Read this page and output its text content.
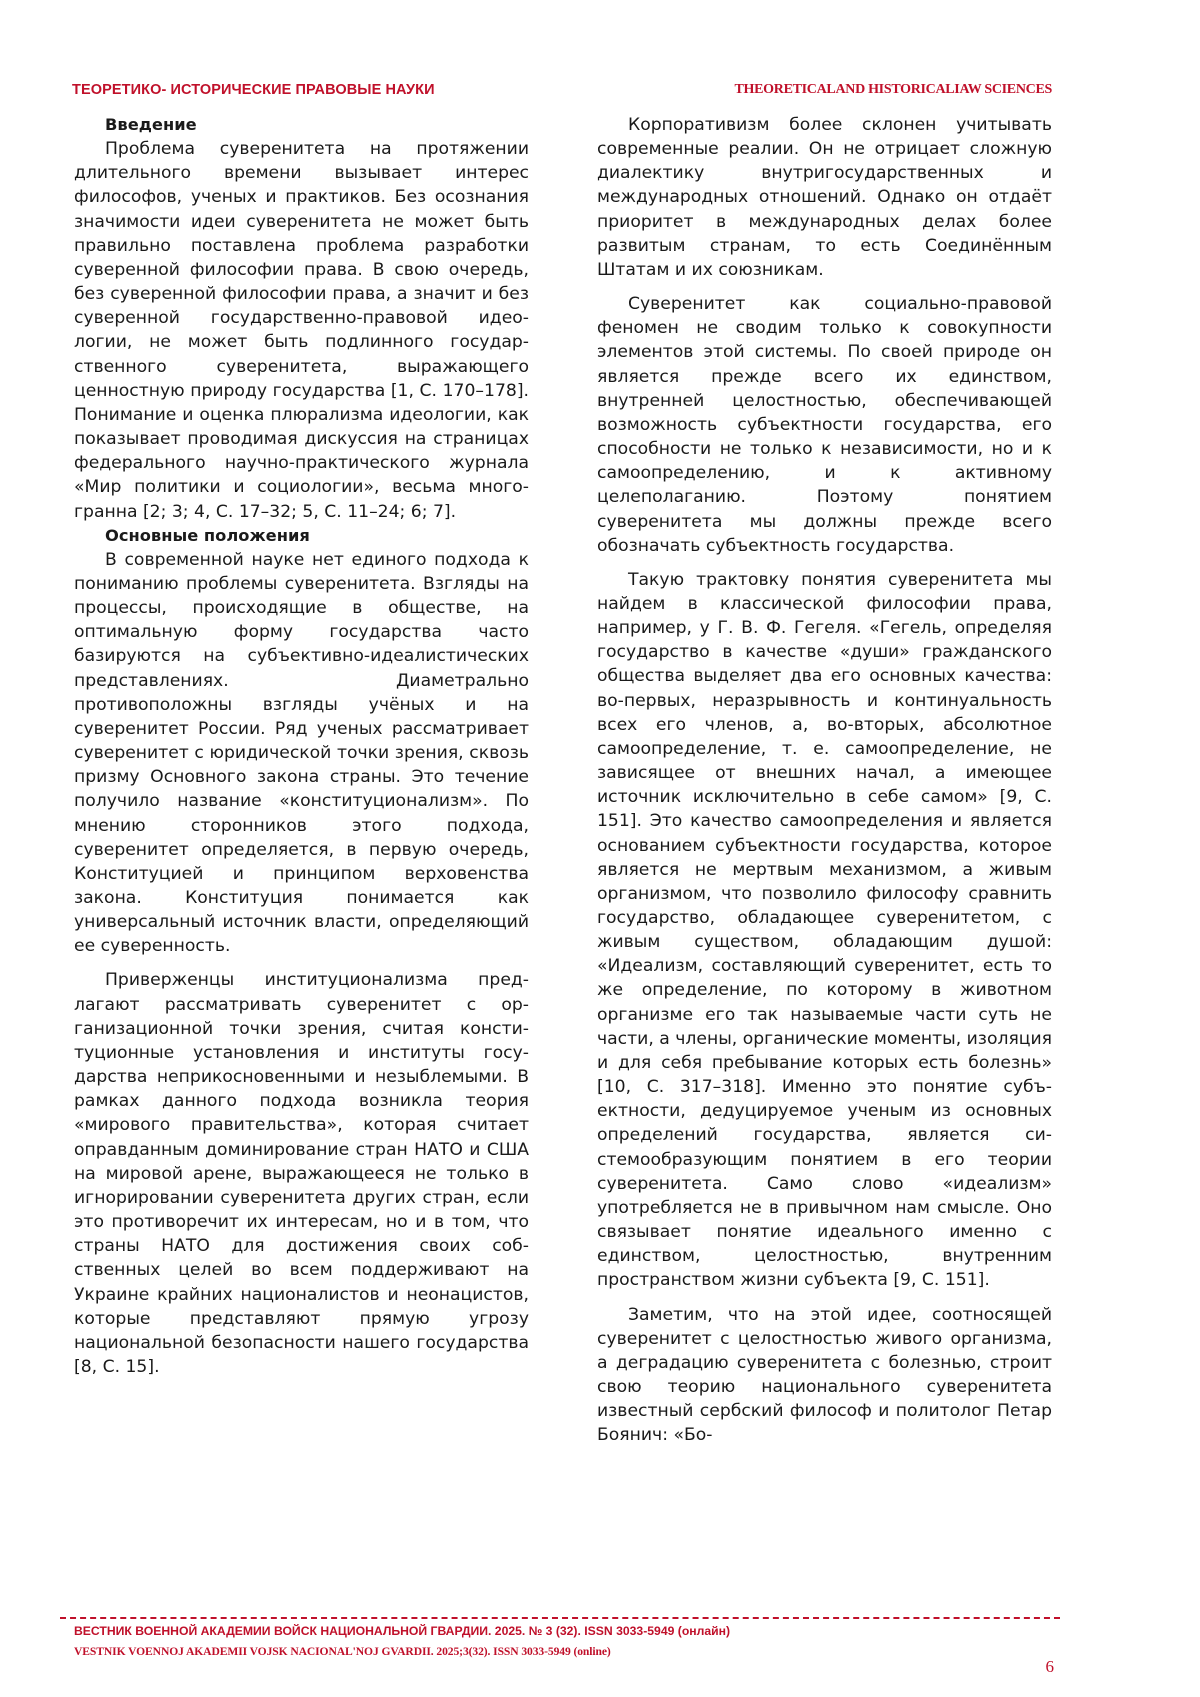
ТЕОРЕТИКО- ИСТОРИЧЕСКИЕ ПРАВОВЫЕ НАУКИ	THEORETICALAND HISTORICALIAW SCIENCES
Введение

Проблема суверенитета на протяжении длительного времени вызывает интерес философов, ученых и практиков. Без осознания значимости идеи суверенитета не может быть правильно поставлена проблема разработки суверенной философии права. В свою очередь, без суверенной философии права, а значит и без суверенной государственно-правовой идеологии, не может быть подлинного государственного суверенитета, выражающего ценностную природу государства [1, С. 170–178]. Понимание и оценка плюрализма идеологии, как показывает проводимая дискуссия на страницах федерального научно-практического журнала «Мир политики и социологии», весьма многогранна [2; 3; 4, С. 17–32; 5, С. 11–24; 6; 7].

Основные положения

В современной науке нет единого подхода к пониманию проблемы суверенитета. Взгляды на процессы, происходящие в обществе, на оптимальную форму государства часто базируются на субъективно-идеалистических представлениях. Диаметрально противоположны взгляды учёных и на суверенитет России. Ряд ученых рассматривает суверенитет с юридической точки зрения, сквозь призму Основного закона страны. Это течение получило название «конституционализм». По мнению сторонников этого подхода, суверенитет определяется, в первую очередь, Конституцией и принципом верховенства закона. Конституция понимается как универсальный источник власти, определяющий ее суверенность.

Приверженцы институционализма предлагают рассматривать суверенитет с организационной точки зрения, считая конституционные установления и институты государства неприкосновенными и незыблемыми. В рамках данного подхода возникла теория «мирового правительства», которая считает оправданным доминирование стран НАТО и США на мировой арене, выражающееся не только в игнорировании суверенитета других стран, если это противоречит их интересам, но и в том, что страны НАТО для достижения своих собственных целей во всем поддерживают на Украине крайних националистов и неонацистов, которые представляют прямую угрозу национальной безопасности нашего государства [8, С. 15].

Корпоративизм более склонен учитывать современные реалии. Он не отрицает сложную диалектику внутригосударственных и международных отношений. Однако он отдаёт приоритет в международных делах более развитым странам, то есть Соединённым Штатам и их союзникам.

Суверенитет как социально-правовой феномен не сводим только к совокупности элементов этой системы. По своей природе он является прежде всего их единством, внутренней целостностью, обеспечивающей возможность субъектности государства, его способности не только к независимости, но и к самоопределению, и к активному целеполаганию. Поэтому понятием суверенитета мы должны прежде всего обозначать субъектность государства.

Такую трактовку понятия суверенитета мы найдем в классической философии права, например, у Г. В. Ф. Гегеля. «Гегель, определяя государство в качестве «души» гражданского общества выделяет два его основных качества: во-первых, неразрывность и континуальность всех его членов, а, во-вторых, абсолютное самоопределение, т. е. самоопределение, не зависящее от внешних начал, а имеющее источник исключительно в себе самом» [9, С. 151]. Это качество самоопределения и является основанием субъектности государства, которое является не мертвым механизмом, а живым организмом, что позволило философу сравнить государство, обладающее суверенитетом, с живым существом, обладающим душой: «Идеализм, составляющий суверенитет, есть то же определение, по которому в животном организме его так называемые части суть не части, а члены, органические моменты, изоляция и для себя пребывание которых есть болезнь» [10, С. 317–318]. Именно это понятие субъектности, дедуцируемое ученым из основных определений государства, является системообразующим понятием в его теории суверенитета. Само слово «идеализм» употребляется не в привычном нам смысле. Оно связывает понятие идеального именно с единством, целостностью, внутренним пространством жизни субъекта [9, С. 151].

Заметим, что на этой идее, соотносящей суверенитет с целостностью живого организма, а деградацию суверенитета с болезнью, строит свою теорию национального суверенитета известный сербский философ и политолог Петар Боянич: «Бо-

ВЕСТНИК ВОЕННОЙ АКАДЕМИИ ВОЙСК НАЦИОНАЛЬНОЙ ГВАРДИИ. 2025. № 3 (32). ISSN 3033-5949 (онлайн)
VESTNIK VOENNOJ AKADEMII VOJSK NACIONAL'NOJ GVARDII. 2025;3(32). ISSN 3033-5949 (online)
6
